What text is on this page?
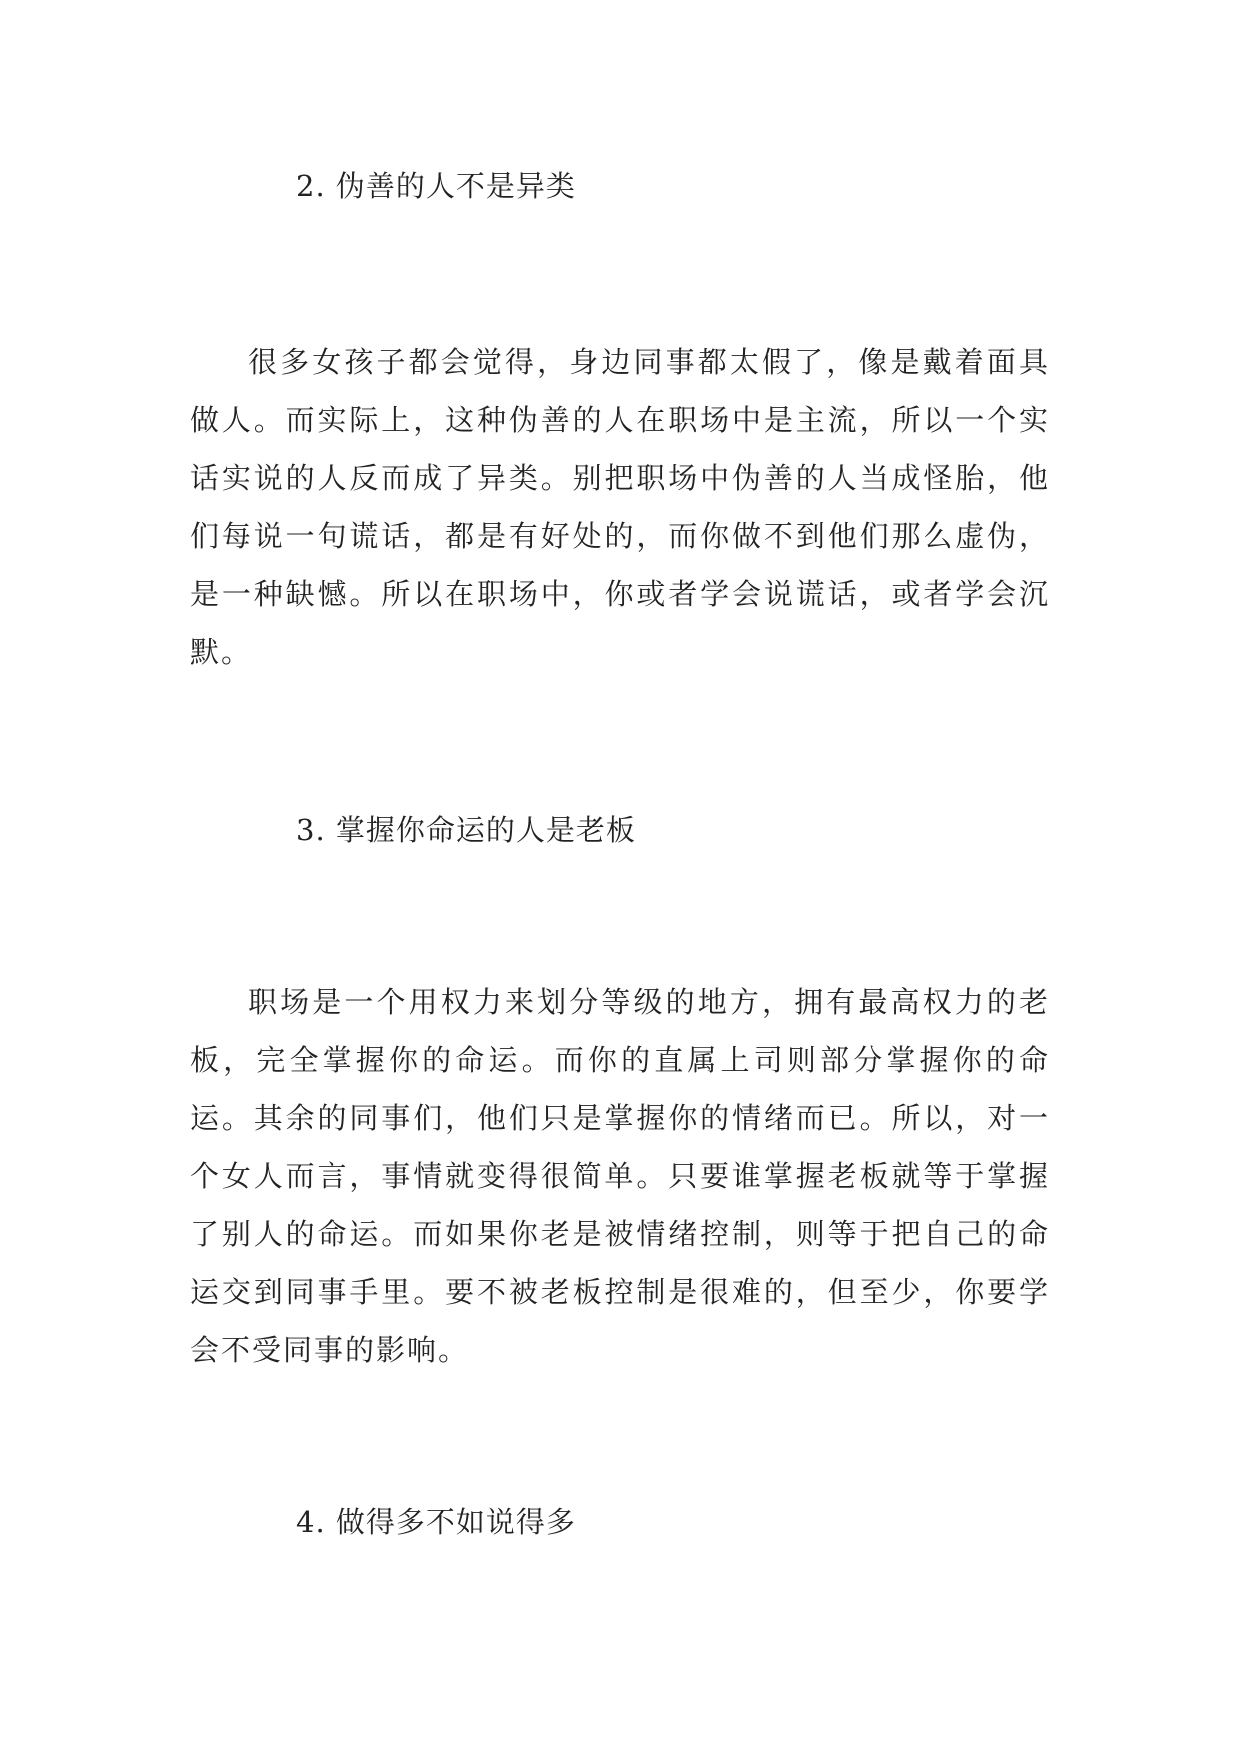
2. 伪善的人不是异类

很多女孩子都会觉得，身边同事都太假了，像是戴着面具做人。而实际上，这种伪善的人在职场中是主流，所以一个实话实说的人反而成了异类。别把职场中伪善的人当成怪胎，他们每说一句谎话，都是有好处的，而你做不到他们那么虚伪，是一种缺憾。所以在职场中，你或者学会说谎话，或者学会沉默。

3. 掌握你命运的人是老板

职场是一个用权力来划分等级的地方，拥有最高权力的老板，完全掌握你的命运。而你的直属上司则部分掌握你的命运。其余的同事们，他们只是掌握你的情绪而已。所以，对一个女人而言，事情就变得很简单。只要谁掌握老板就等于掌握了别人的命运。而如果你老是被情绪控制，则等于把自己的命运交到同事手里。要不被老板控制是很难的，但至少，你要学会不受同事的影响。

4. 做得多不如说得多
